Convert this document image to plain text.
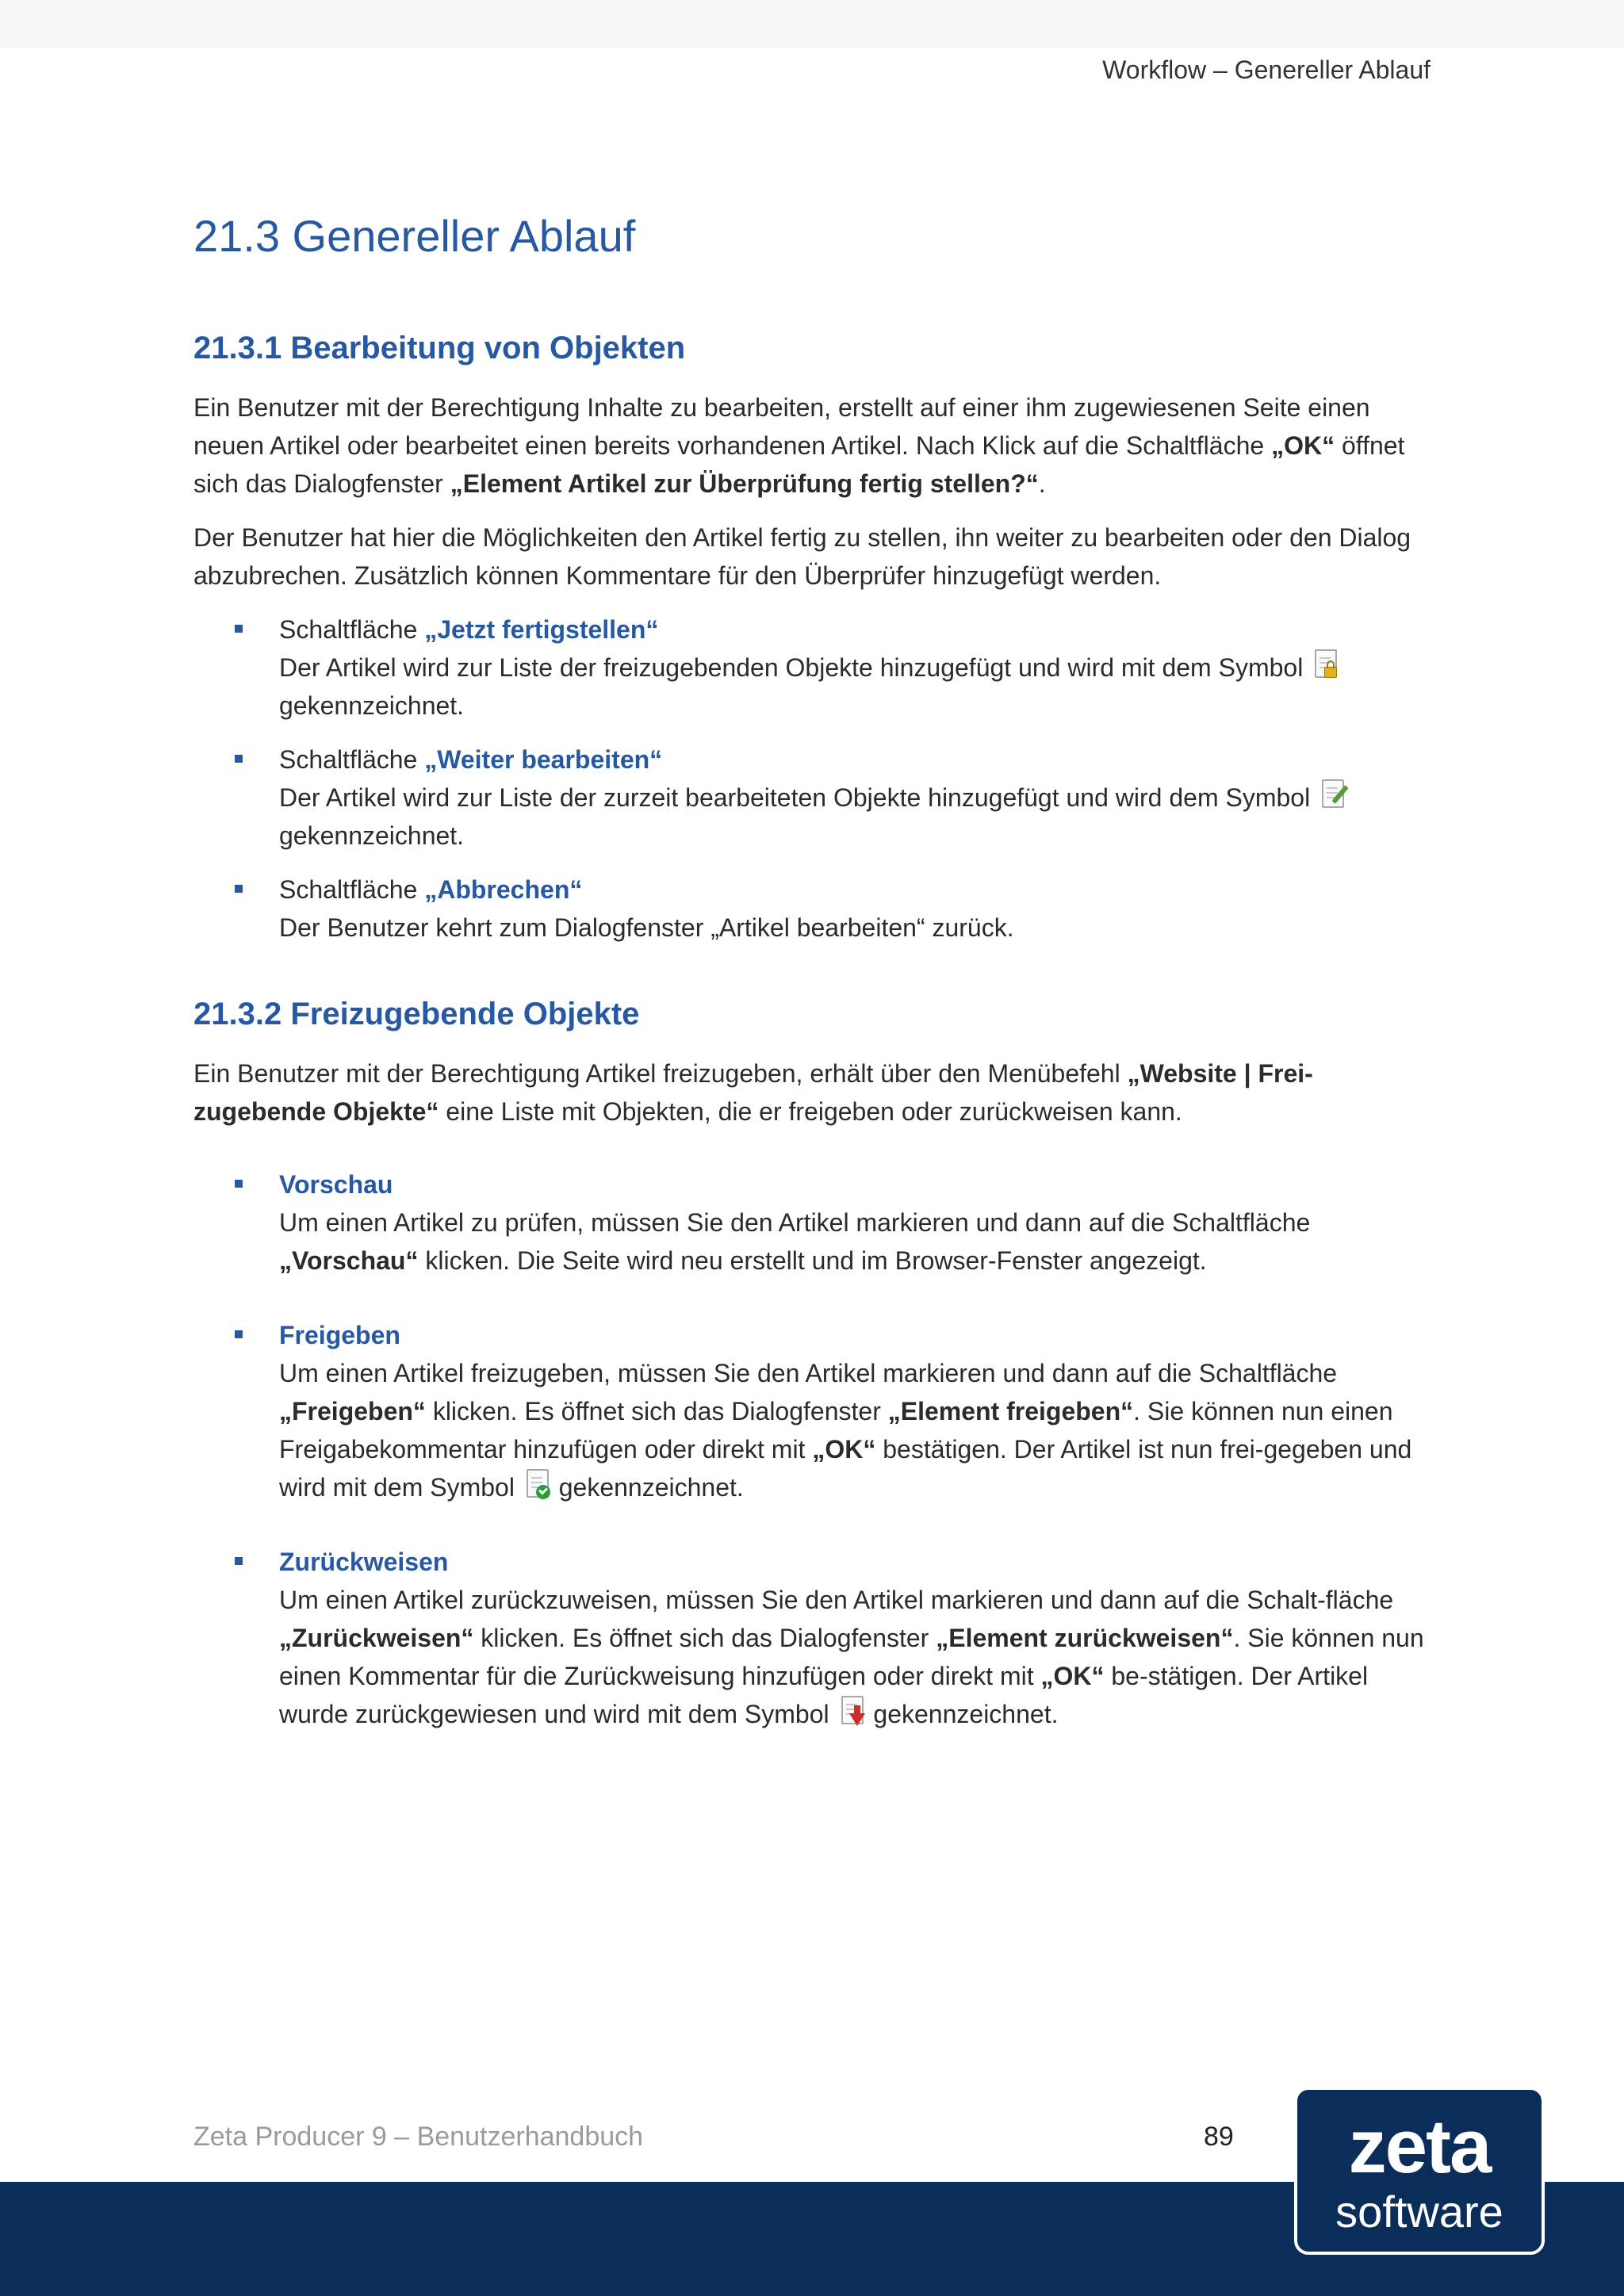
Workflow – Genereller Ablauf
21.3 Genereller Ablauf
21.3.1 Bearbeitung von Objekten

Ein Benutzer mit der Berechtigung Inhalte zu bearbeiten, erstellt auf einer ihm zugewiesenen Seite einen neuen Artikel oder bearbeitet einen bereits vorhandenen Artikel. Nach Klick auf die Schaltfläche „OK“ öffnet sich das Dialogfenster „Element Artikel zur Überprüfung fertig stellen?“.

Der Benutzer hat hier die Möglichkeiten den Artikel fertig zu stellen, ihn weiter zu bearbeiten oder den Dialog abzubrechen. Zusätzlich können Kommentare für den Überprüfer hinzugefügt werden.

Schaltfläche „Jetzt fertigstellen“
Der Artikel wird zur Liste der freizugebenden Objekte hinzugefügt und wird mit dem Symbol
gekennzeichnet.
Schaltfläche „Weiter bearbeiten“
Der Artikel wird zur Liste der zurzeit bearbeiteten Objekte hinzugefügt und wird dem Symbol
gekennzeichnet.
Schaltfläche „Abbrechen“
Der Benutzer kehrt zum Dialogfenster „Artikel bearbeiten“ zurück.
21.3.2 Freizugebende Objekte

Ein Benutzer mit der Berechtigung Artikel freizugeben, erhält über den Menübefehl „Website | Frei-zugebende Objekte“ eine Liste mit Objekten, die er freigeben oder zurückweisen kann.

Vorschau
Um einen Artikel zu prüfen, müssen Sie den Artikel markieren und dann auf die Schaltfläche „Vorschau“ klicken. Die Seite wird neu erstellt und im Browser-Fenster angezeigt.
Freigeben
Um einen Artikel freizugeben, müssen Sie den Artikel markieren und dann auf die Schaltfläche „Freigeben“ klicken. Es öffnet sich das Dialogfenster „Element freigeben“. Sie können nun einen Freigabekommentar hinzufügen oder direkt mit „OK“ bestätigen. Der Artikel ist nun frei-gegeben und wird mit dem Symbol
gekennzeichnet.
Zurückweisen
Um einen Artikel zurückzuweisen, müssen Sie den Artikel markieren und dann auf die Schalt-fläche „Zurückweisen“ klicken. Es öffnet sich das Dialogfenster „Element zurückweisen“. Sie können nun einen Kommentar für die Zurückweisung hinzufügen oder direkt mit „OK“ be-stätigen. Der Artikel wurde zurückgewiesen und wird mit dem Symbol
gekennzeichnet.
Zeta Producer 9 – Benutzerhandbuch	89	zeta
software
